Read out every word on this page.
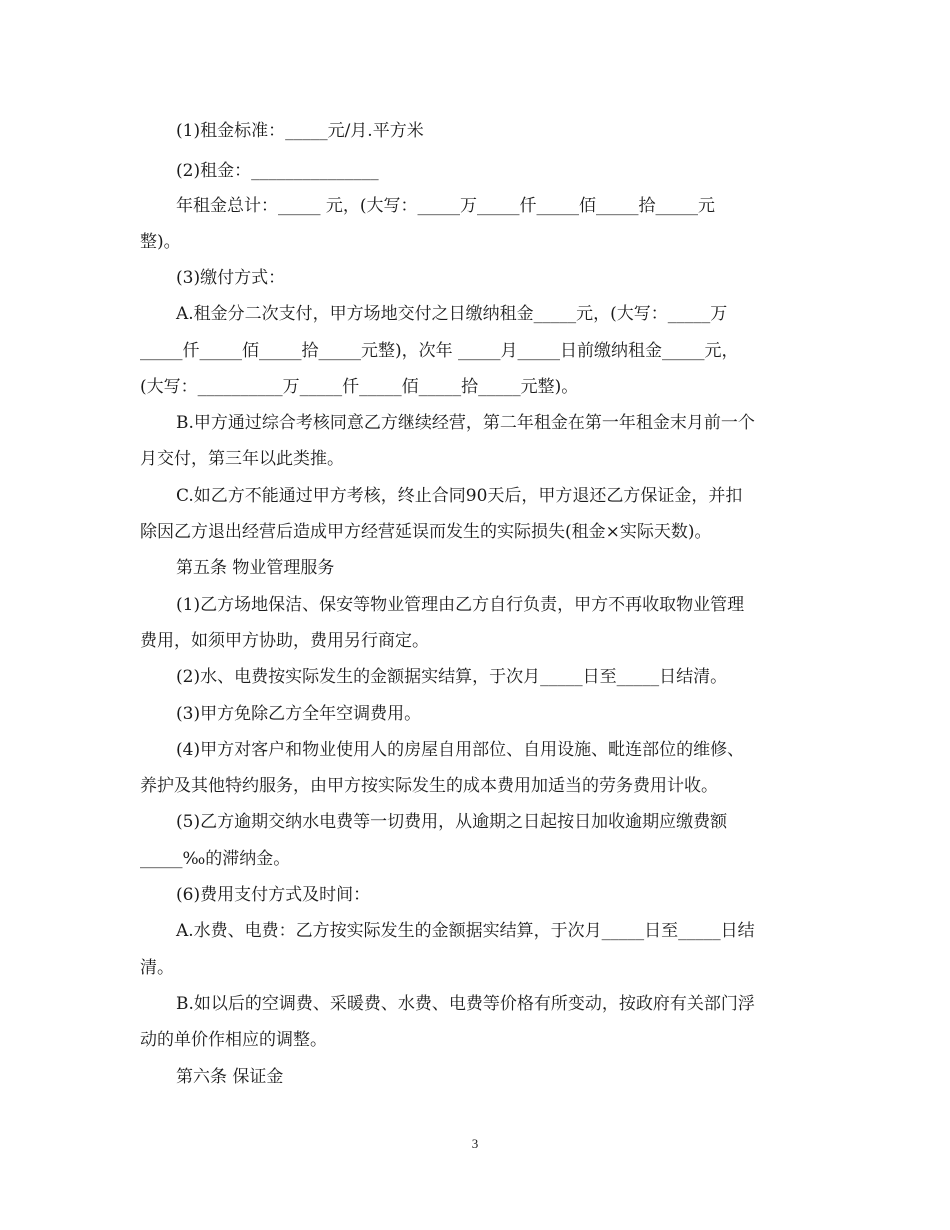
(1)租金标准：_____元/月.平方米
(2)租金：_______________
年租金总计：_____ 元，(大写：_____万_____仟_____佰_____拾_____元
整)。
(3)缴付方式：
A.租金分二次支付，甲方场地交付之日缴纳租金_____元，(大写：_____万
_____仟_____佰_____拾_____元整)，次年 _____月_____日前缴纳租金_____元，
(大写：__________万_____仟_____佰_____拾_____元整)。
B.甲方通过综合考核同意乙方继续经营，第二年租金在第一年租金末月前一个
月交付，第三年以此类推。
C.如乙方不能通过甲方考核，终止合同90天后，甲方退还乙方保证金，并扣
除因乙方退出经营后造成甲方经营延误而发生的实际损失(租金×实际天数)。
第五条 物业管理服务
(1)乙方场地保洁、保安等物业管理由乙方自行负责，甲方不再收取物业管理
费用，如须甲方协助，费用另行商定。
(2)水、电费按实际发生的金额据实结算，于次月_____日至_____日结清。
(3)甲方免除乙方全年空调费用。
(4)甲方对客户和物业使用人的房屋自用部位、自用设施、毗连部位的维修、
养护及其他特约服务，由甲方按实际发生的成本费用加适当的劳务费用计收。
(5)乙方逾期交纳水电费等一切费用，从逾期之日起按日加收逾期应缴费额
_____‰的滞纳金。
(6)费用支付方式及时间：
A.水费、电费：乙方按实际发生的金额据实结算，于次月_____日至_____日结
清。
B.如以后的空调费、采暖费、水费、电费等价格有所变动，按政府有关部门浮
动的单价作相应的调整。
第六条 保证金
3
